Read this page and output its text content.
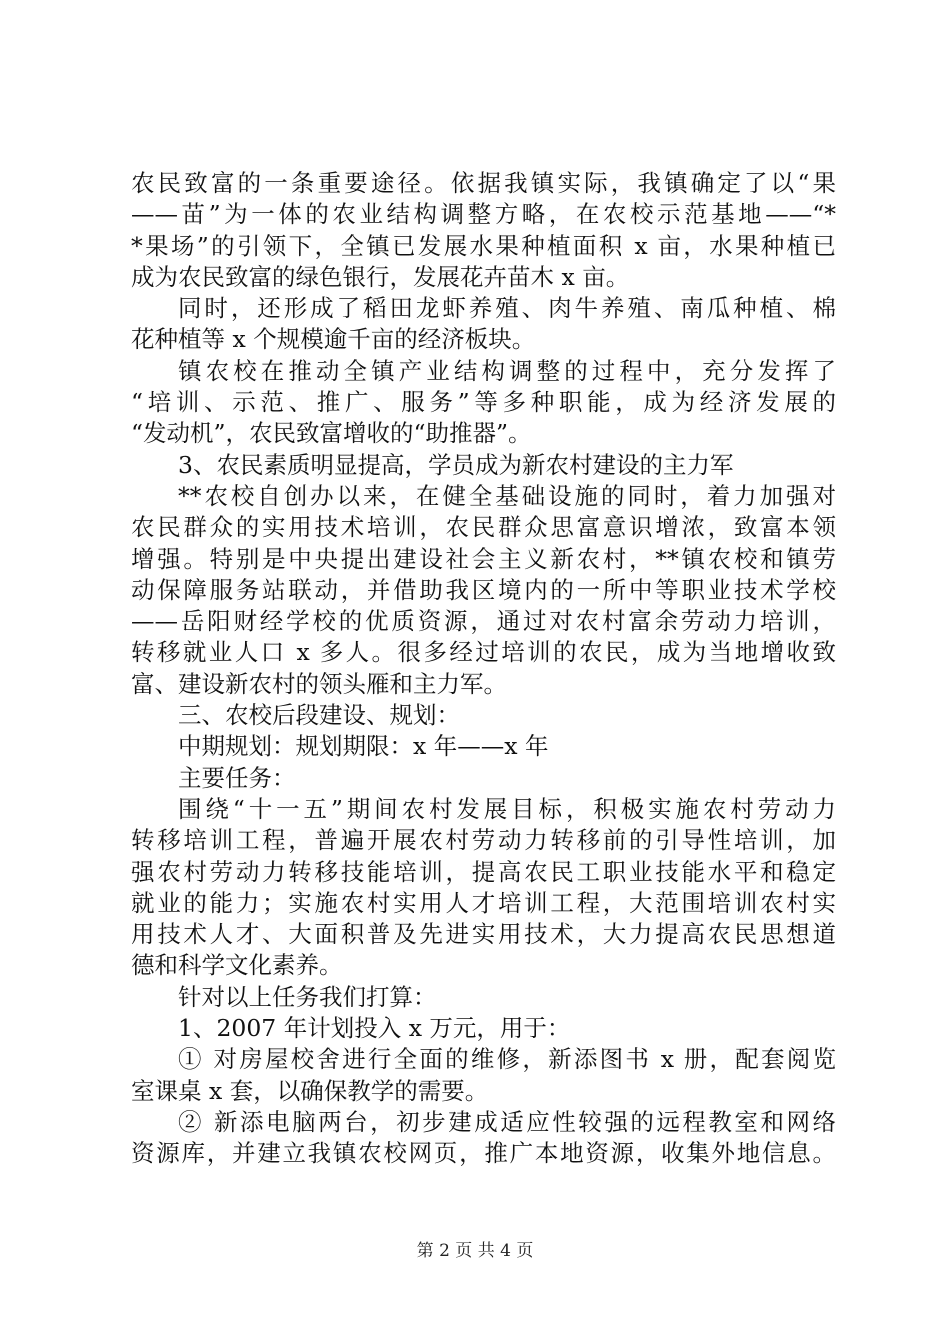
农民致富的一条重要途径。依据我镇实际，我镇确定了以“果
——苗”为一体的农业结构调整方略，在农校示范基地——“*
*果场”的引领下，全镇已发展水果种植面积 x 亩，水果种植已
成为农民致富的绿色银行，发展花卉苗木 x 亩。
同时，还形成了稻田龙虾养殖、肉牛养殖、南瓜种植、棉
花种植等 x 个规模逾千亩的经济板块。
镇农校在推动全镇产业结构调整的过程中，充分发挥了
“培训、示范、推广、服务”等多种职能，成为经济发展的
“发动机”，农民致富增收的“助推器”。
3、农民素质明显提高，学员成为新农村建设的主力军
**农校自创办以来，在健全基础设施的同时，着力加强对
农民群众的实用技术培训，农民群众思富意识增浓，致富本领
增强。特别是中央提出建设社会主义新农村，**镇农校和镇劳
动保障服务站联动，并借助我区境内的一所中等职业技术学校
——岳阳财经学校的优质资源，通过对农村富余劳动力培训，
转移就业人口 x 多人。很多经过培训的农民，成为当地增收致
富、建设新农村的领头雁和主力军。
三、农校后段建设、规划：
中期规划：规划期限：x 年——x 年
主要任务：
围绕“十一五”期间农村发展目标，积极实施农村劳动力
转移培训工程，普遍开展农村劳动力转移前的引导性培训，加
强农村劳动力转移技能培训，提高农民工职业技能水平和稳定
就业的能力；实施农村实用人才培训工程，大范围培训农村实
用技术人才、大面积普及先进实用技术，大力提高农民思想道
德和科学文化素养。
针对以上任务我们打算：
1、2007 年计划投入 x 万元，用于：
① 对房屋校舍进行全面的维修，新添图书 x 册，配套阅览
室课桌 x 套，以确保教学的需要。
② 新添电脑两台，初步建成适应性较强的远程教室和网络
资源库，并建立我镇农校网页，推广本地资源，收集外地信息。
第 2 页 共 4 页
